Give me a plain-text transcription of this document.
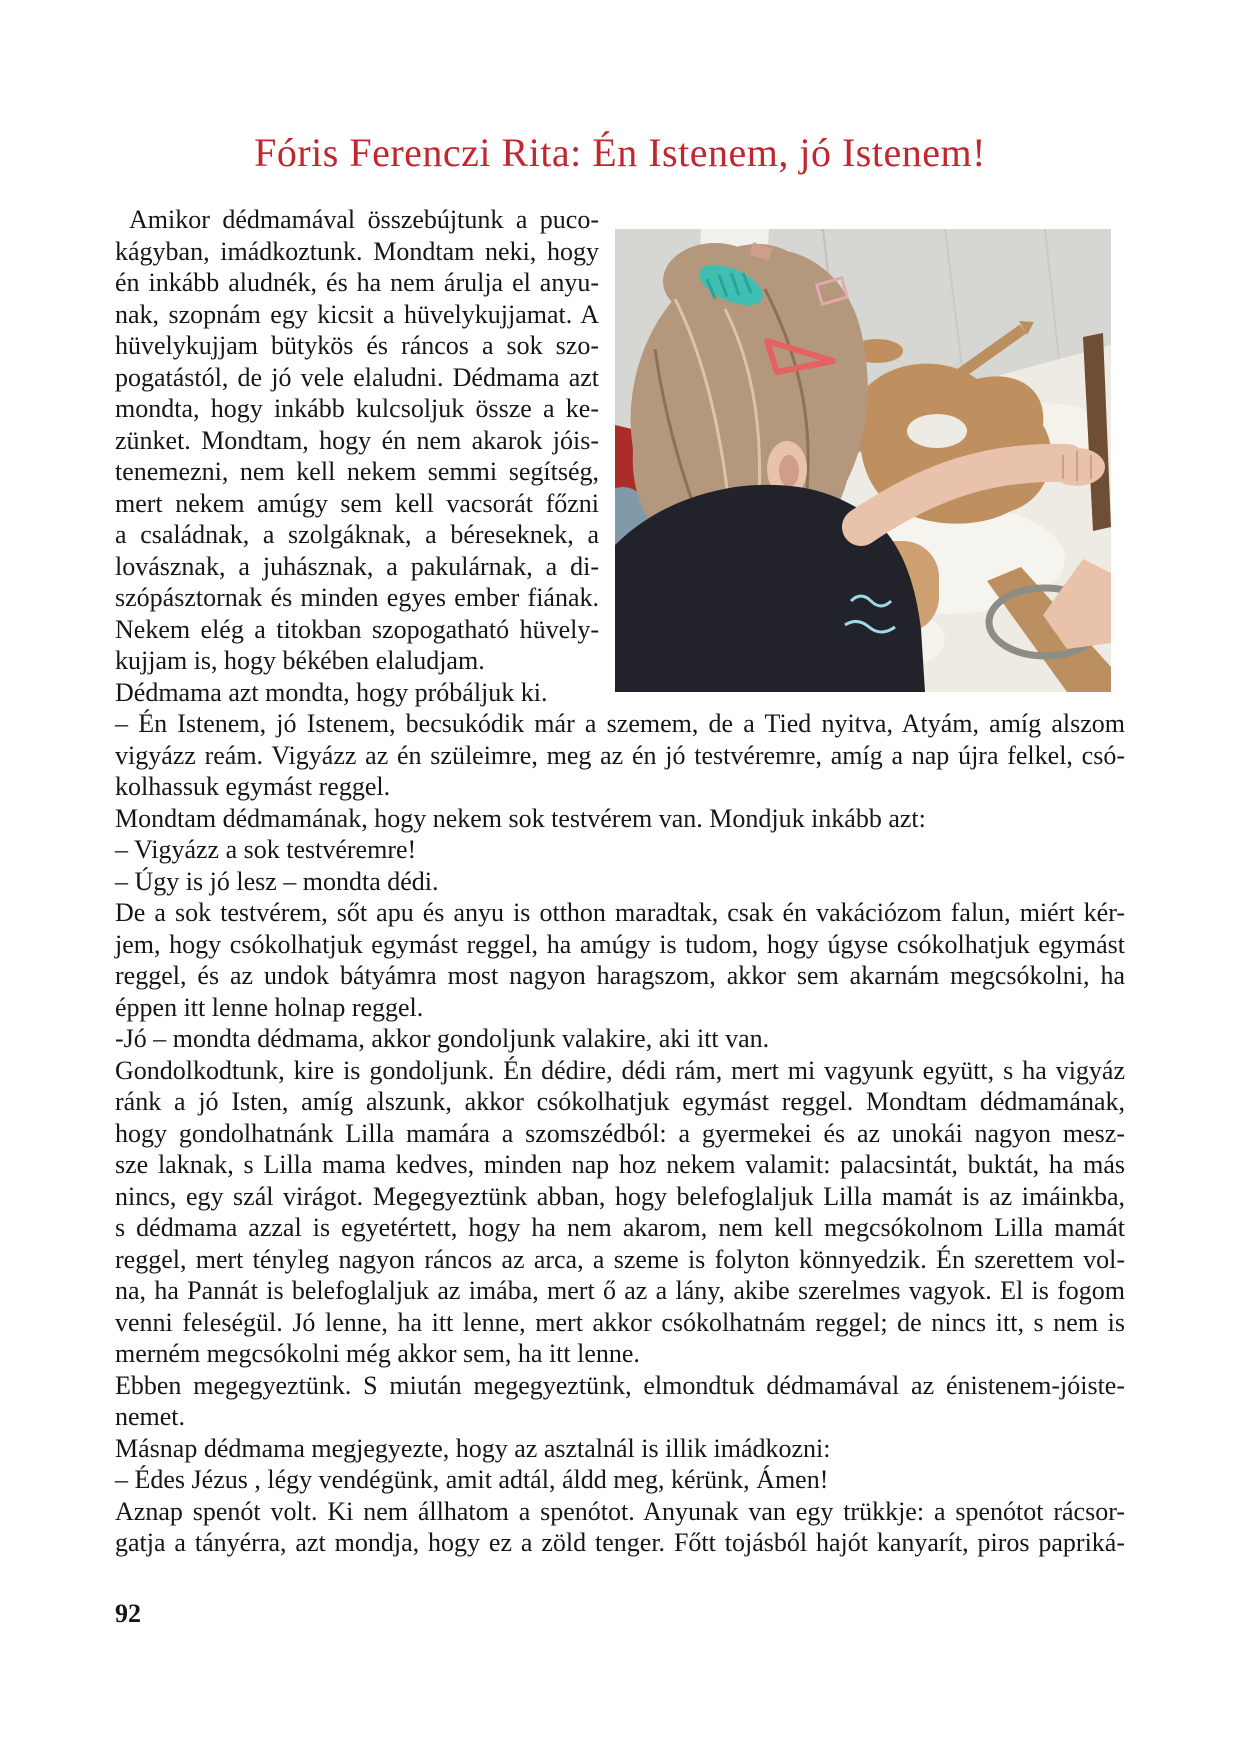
Fóris Ferenczi Rita: Én Istenem, jó Istenem!
Amikor dédmamával összebújtunk a puco-
kágyban, imádkoztunk. Mondtam neki, hogy
én inkább aludnék, és ha nem árulja el anyu-
nak, szopnám egy kicsit a hüvelykujjamat. A
hüvelykujjam bütykös és ráncos a sok szo-
pogatástól, de jó vele elaludni. Dédmama azt
mondta, hogy inkább kulcsoljuk össze a ke-
zünket. Mondtam, hogy én nem akarok jóis-
tenemezni, nem kell nekem semmi segítség,
mert nekem amúgy sem kell vacsorát főzni
a családnak, a szolgáknak, a béreseknek, a
lovásznak, a juhásznak, a pakulárnak, a di-
szópásztornak és minden egyes ember fiának.
Nekem elég a titokban szopogatható hüvely-
kujjam is, hogy békében elaludjam.
Dédmama azt mondta, hogy próbáljuk ki.
– Én Istenem, jó Istenem, becsukódik már a szemem, de a Tied nyitva, Atyám, amíg alszom
vigyázz reám. Vigyázz az én szüleimre, meg az én jó testvéremre, amíg a nap újra felkel, csó-
kolhassuk egymást reggel.
Mondtam dédmamának, hogy nekem sok testvérem van. Mondjuk inkább azt:
– Vigyázz a sok testvéremre!
– Úgy is jó lesz – mondta dédi.
De a sok testvérem, sőt apu és anyu is otthon maradtak, csak én vakációzom falun, miért kér-
jem, hogy csókolhatjuk egymást reggel, ha amúgy is tudom, hogy úgyse csókolhatjuk egymást
reggel, és az undok bátyámra most nagyon haragszom, akkor sem akarnám megcsókolni, ha
éppen itt lenne holnap reggel.
-Jó – mondta dédmama, akkor gondoljunk valakire, aki itt van.
Gondolkodtunk, kire is gondoljunk. Én dédire, dédi rám, mert mi vagyunk együtt, s ha vigyáz
ránk a jó Isten, amíg alszunk, akkor csókolhatjuk egymást reggel. Mondtam dédmamának,
hogy gondolhatnánk Lilla mamára a szomszédból: a gyermekei és az unokái nagyon mesz-
sze laknak, s Lilla mama kedves, minden nap hoz nekem valamit: palacsintát, buktát, ha más
nincs, egy szál virágot. Megegyeztünk abban, hogy belefoglaljuk Lilla mamát is az imáinkba,
s dédmama azzal is egyetértett, hogy ha nem akarom, nem kell megcsókolnom Lilla mamát
reggel, mert tényleg nagyon ráncos az arca, a szeme is folyton könnyedzik. Én szerettem vol-
na, ha Pannát is belefoglaljuk az imába, mert ő az a lány, akibe szerelmes vagyok. El is fogom
venni feleségül. Jó lenne, ha itt lenne, mert akkor csókolhatnám reggel; de nincs itt, s nem is
merném megcsókolni még akkor sem, ha itt lenne.
Ebben megegyeztünk. S miután megegyeztünk, elmondtuk dédmamával az énistenem-jóiste-
nemet.
Másnap dédmama megjegyezte, hogy az asztalnál is illik imádkozni:
– Édes Jézus , légy vendégünk, amit adtál, áldd meg, kérünk, Ámen!
Aznap spenót volt. Ki nem állhatom a spenótot. Anyunak van egy trükkje: a spenótot rácsor-
gatja a tányérra, azt mondja, hogy ez a zöld tenger. Főtt tojásból hajót kanyarít, piros papriká-
92
